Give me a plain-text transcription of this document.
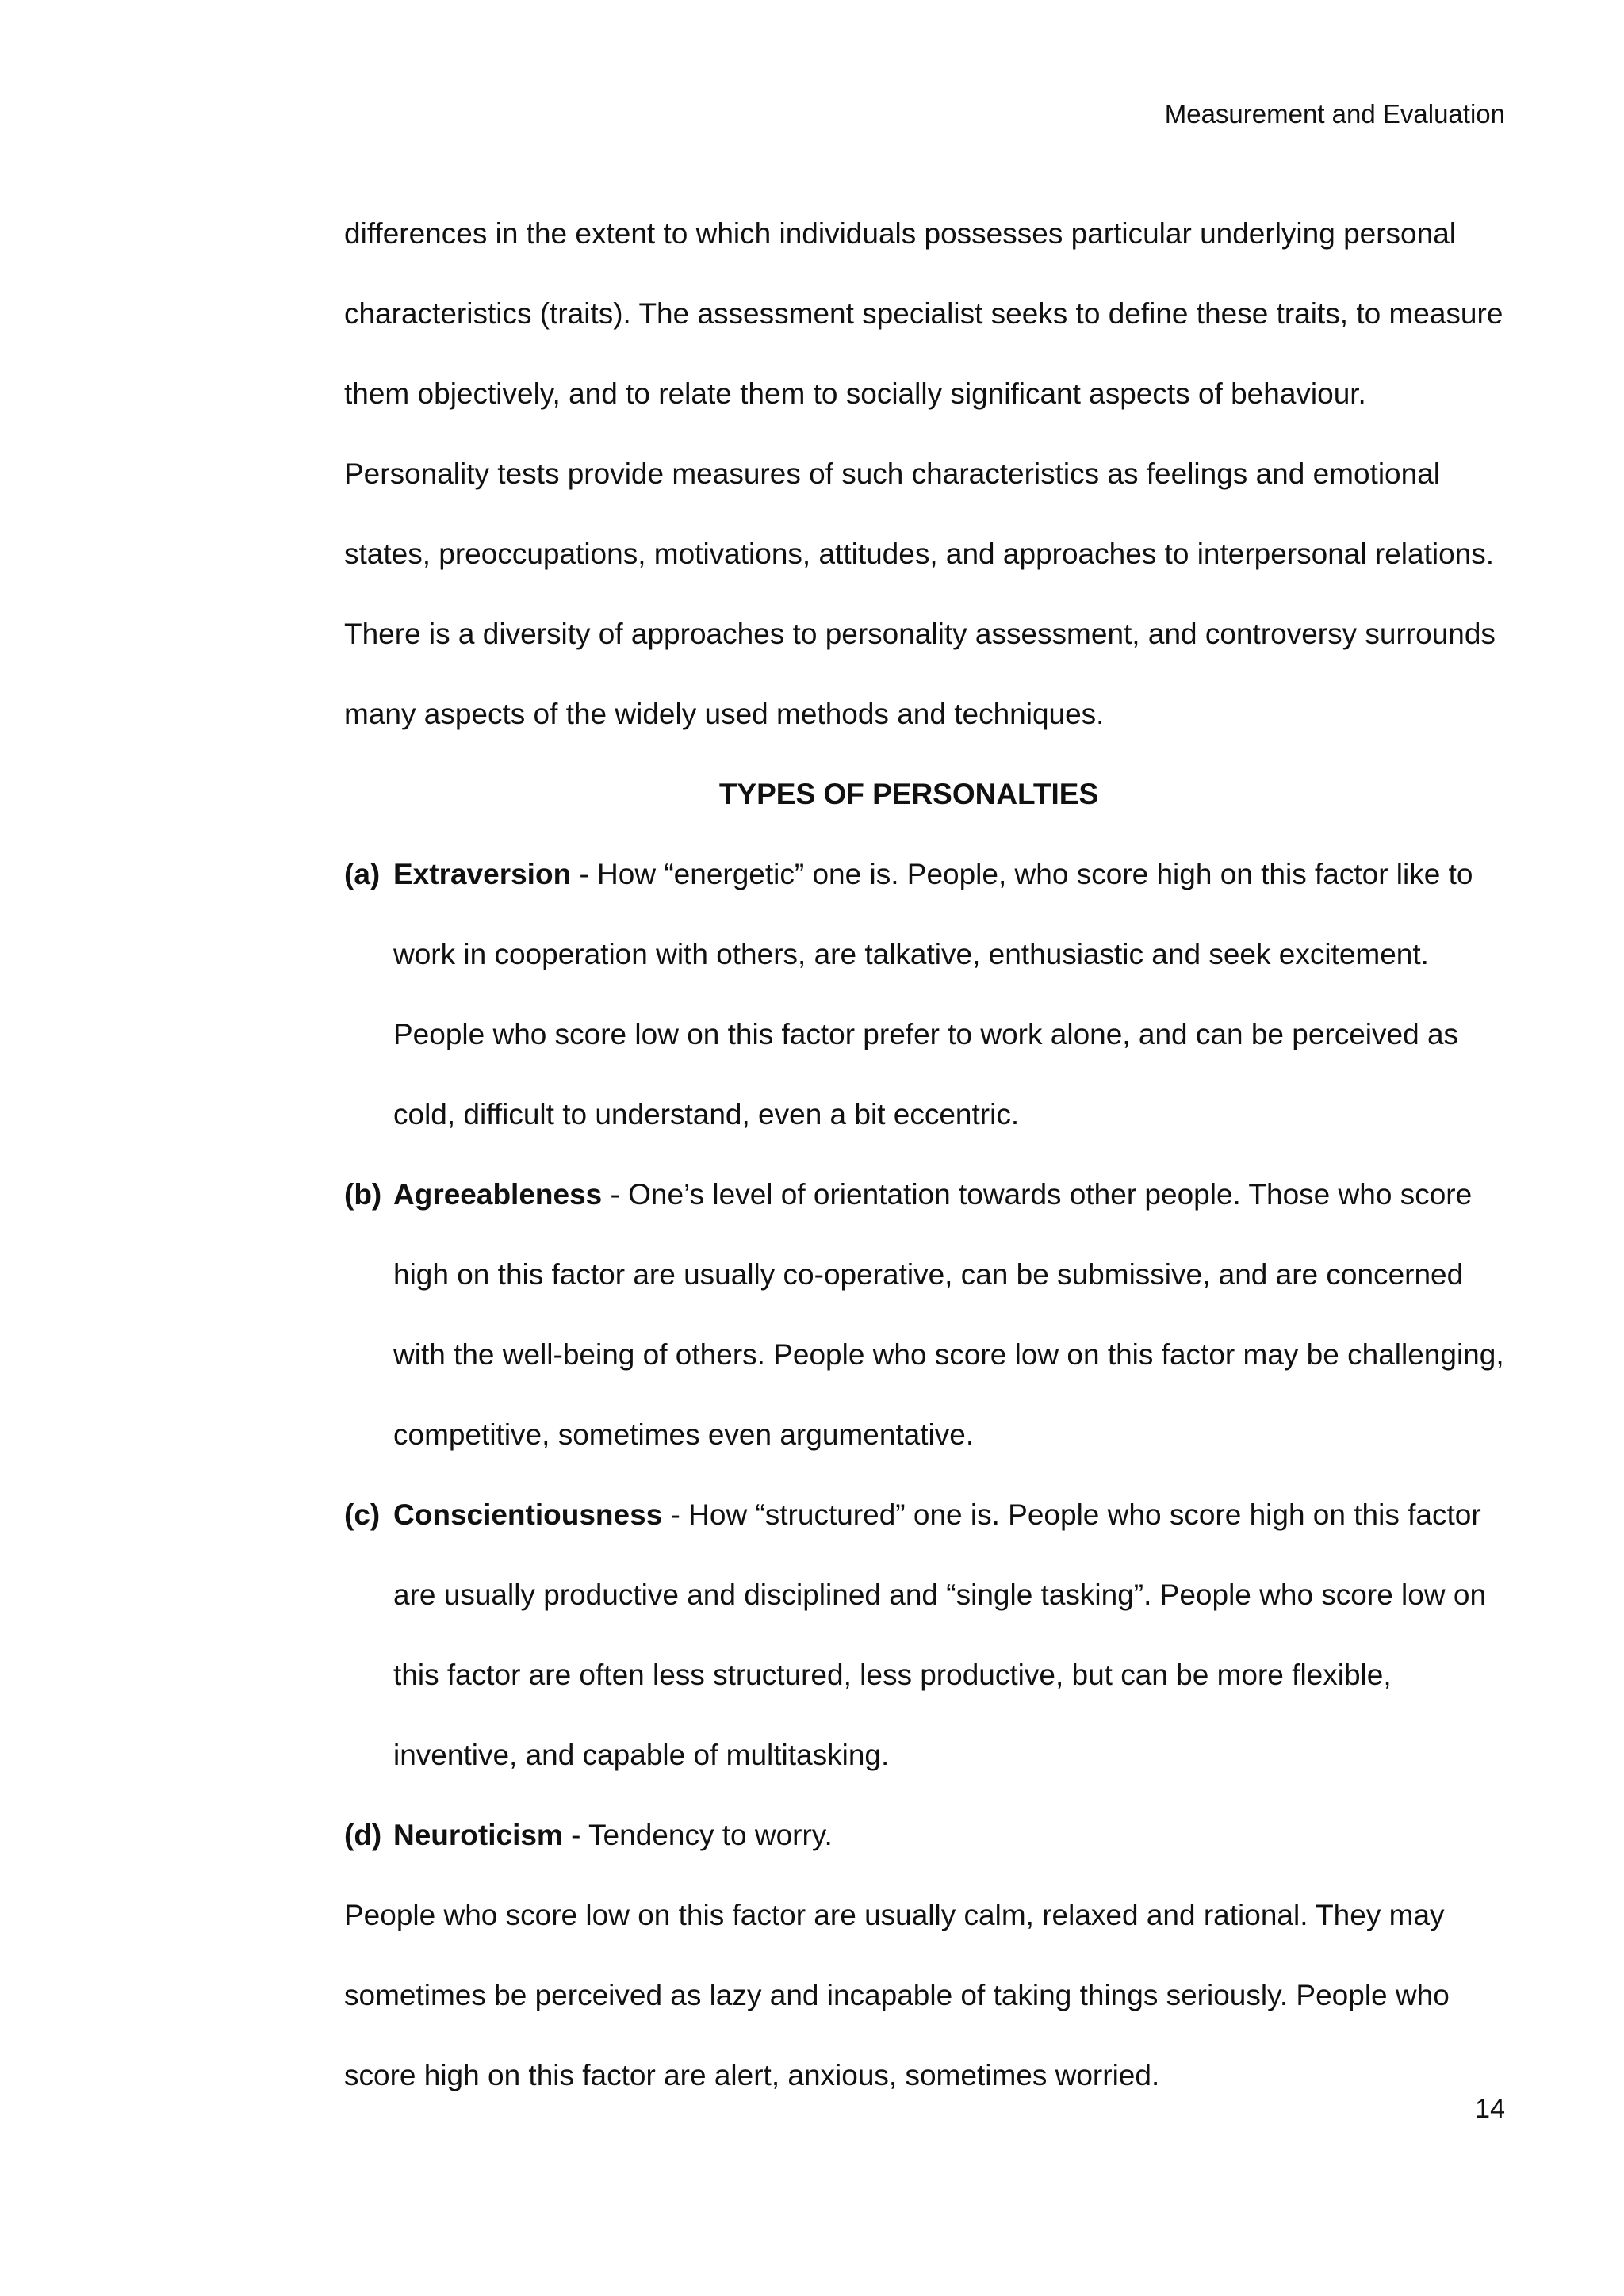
Measurement and Evaluation

differences in the extent to which individuals possesses particular underlying personal characteristics (traits). The assessment specialist seeks to define these traits, to measure them objectively, and to relate them to socially significant aspects of behaviour. Personality tests provide measures of such characteristics as feelings and emotional states, preoccupations, motivations, attitudes, and approaches to interpersonal relations. There is a diversity of approaches to personality assessment, and controversy surrounds many aspects of the widely used methods and techniques.

TYPES OF PERSONALTIES

(a) Extraversion - How “energetic” one is. People, who score high on this factor like to work in cooperation with others, are talkative, enthusiastic and seek excitement. People who score low on this factor prefer to work alone, and can be perceived as cold, difficult to understand, even a bit eccentric.
(b) Agreeableness - One’s level of orientation towards other people. Those who score high on this factor are usually co-operative, can be submissive, and are concerned with the well-being of others. People who score low on this factor may be challenging, competitive, sometimes even argumentative.
(c) Conscientiousness - How “structured” one is. People who score high on this factor are usually productive and disciplined and “single tasking”. People who score low on this factor are often less structured, less productive, but can be more flexible, inventive, and capable of multitasking.
(d) Neuroticism - Tendency to worry.

People who score low on this factor are usually calm, relaxed and rational. They may sometimes be perceived as lazy and incapable of taking things seriously. People who score high on this factor are alert, anxious, sometimes worried.

14
